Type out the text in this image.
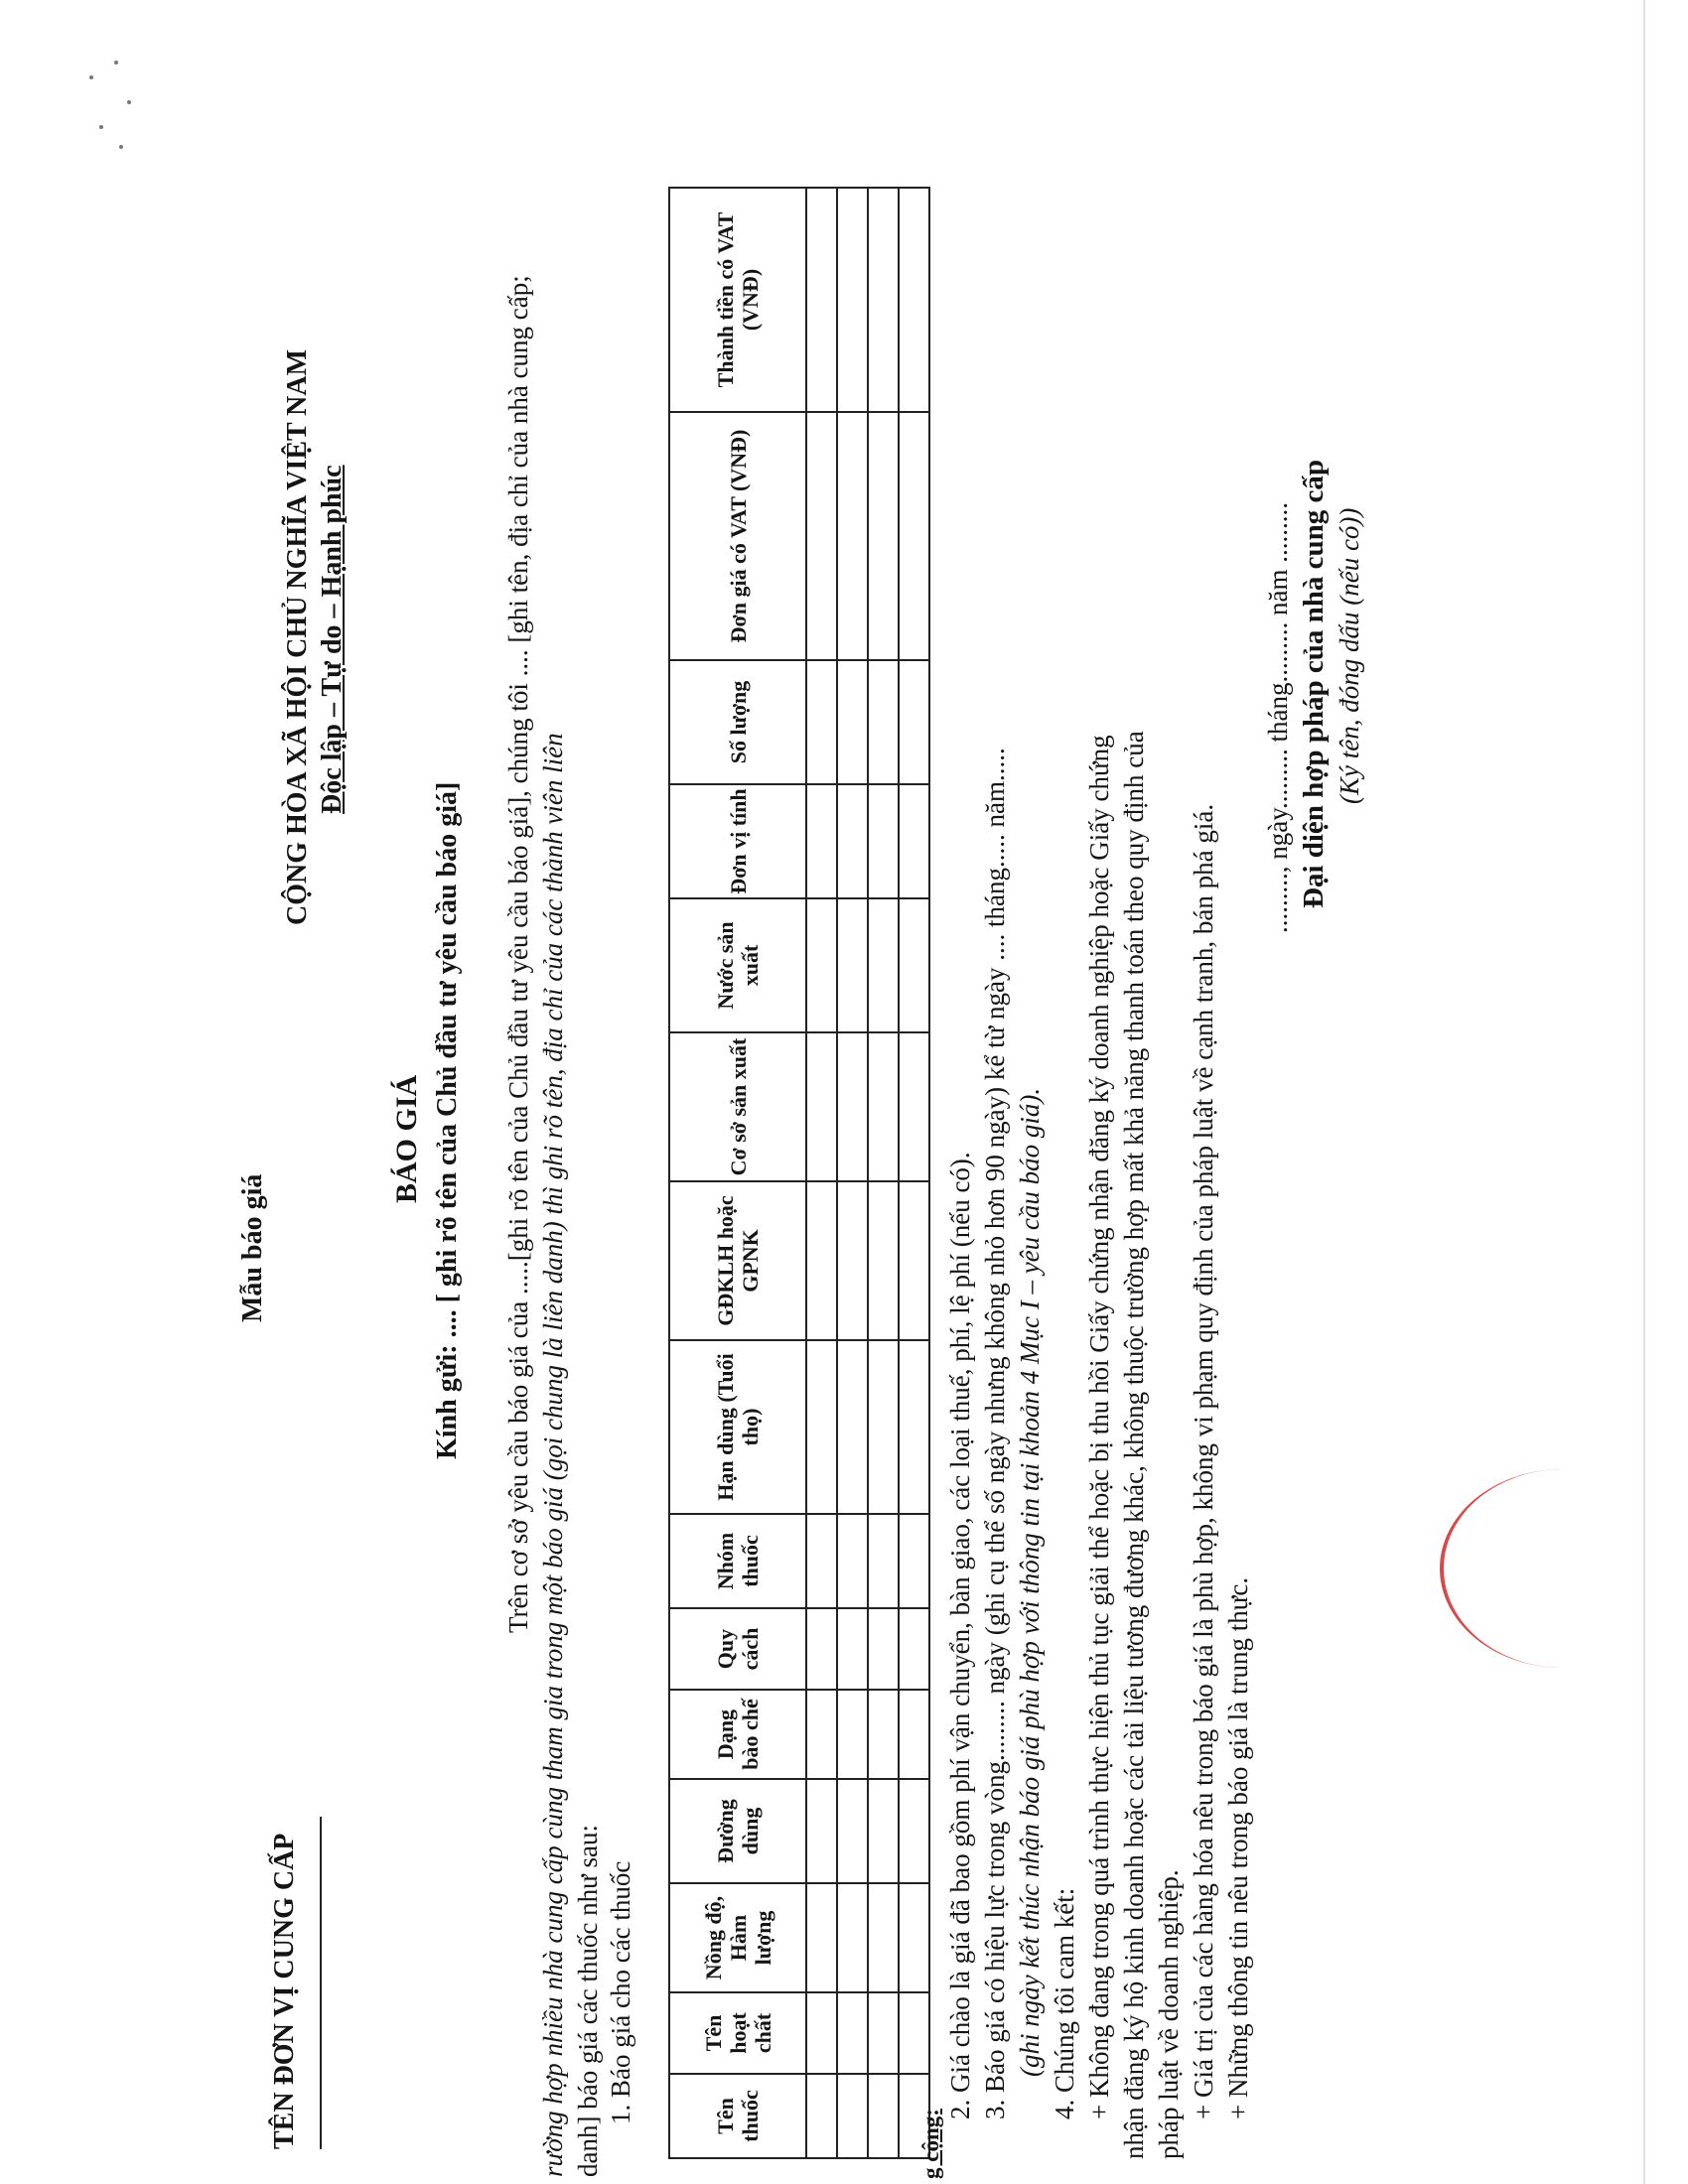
TÊN ĐƠN VỊ CUNG CẤP
Mẫu báo giá
CỘNG HÒA XÃ HỘI CHỦ NGHĨA VIỆT NAM Độc lập – Tự do – Hạnh phúc
BÁO GIÁ Kính gửi: .... [ ghi rõ tên của Chủ đầu tư yêu cầu báo giá] Trên cơ sở yêu cầu báo giá của .....[ghi rõ tên của Chủ đầu tư yêu cầu báo giá], chúng tôi .... [ghi tên, địa chỉ của nhà cung cấp; rường hợp nhiều nhà cung cấp cùng tham gia trong một báo giá (gọi chung là liên danh) thì ghi rõ tên, địa chỉ của các thành viên liên danh] báo giá các thuốc như sau: 1. Báo giá cho các thuốc	Tên thuốc	Tên hoạt chất	Nồng độ, Hàm lượng	Đường dùng	Dạng bào chế	Quy cách	Nhóm thuốc	Hạn dùng (Tuổi thọ)	GĐKLH hoặc GPNK	Cơ sở sản xuất	Nước sản xuất	Đơn vị tính	Số lượng	Đơn giá có VAT (VNĐ)	Thành tiền có VAT (VNĐ)

g cộng:
2. Giá chào là giá đã bao gồm phí vận chuyển, bàn giao, các loại thuế, phí, lệ phí (nếu có). 3. Báo giá có hiệu lực trong vòng......... ngày (ghi cụ thể số ngày nhưng không nhỏ hơn 90 ngày) kể từ ngày .... tháng..... năm..... (ghi ngày kết thúc nhận báo giá phù hợp với thông tin tại khoản 4 Mục I – yêu cầu báo giá). 4. Chúng tôi cam kết: + Không đang trong quá trình thực hiện thủ tục giải thể hoặc bị thu hồi Giấy chứng nhận đăng ký doanh nghiệp hoặc Giấy chứng nhận đăng ký hộ kinh doanh hoặc các tài liệu tương đương khác, không thuộc trường hợp mất khả năng thanh toán theo quy định của pháp luật về doanh nghiệp. + Giá trị của các hàng hóa nêu trong báo giá là phù hợp, không vi phạm quy định của pháp luật về cạnh tranh, bán phá giá. + Những thông tin nêu trong báo giá là trung thực.
........., ngày......... tháng......... năm ......... Đại diện hợp pháp của nhà cung cấp (Ký tên, đóng dấu (nếu có))
